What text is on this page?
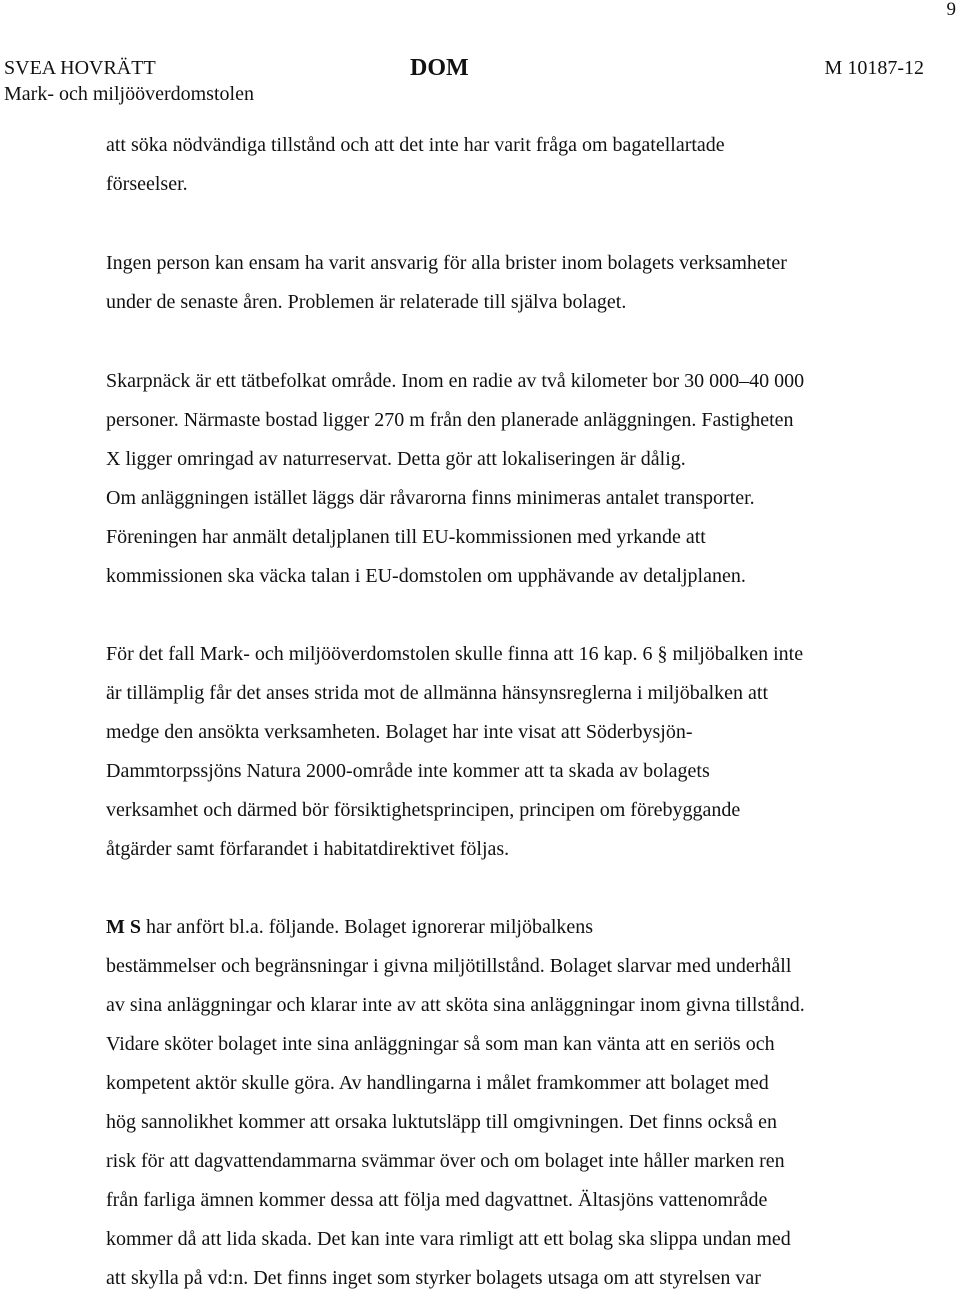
9
SVEA HOVRÄTT
Mark- och miljööverdomstolen
DOM	M 10187-12
att söka nödvändiga tillstånd och att det inte har varit fråga om bagatellartade
förseelser.
Ingen person kan ensam ha varit ansvarig för alla brister inom bolagets verksamheter
under de senaste åren. Problemen är relaterade till själva bolaget.
Skarpnäck är ett tätbefolkat område. Inom en radie av två kilometer bor 30 000–40 000
personer. Närmaste bostad ligger 270 m från den planerade anläggningen. Fastigheten
X ligger omringad av naturreservat. Detta gör att lokaliseringen är dålig.
Om anläggningen istället läggs där råvarorna finns minimeras antalet transporter.
Föreningen har anmält detaljplanen till EU-kommissionen med yrkande att
kommissionen ska väcka talan i EU-domstolen om upphävande av detaljplanen.
För det fall Mark- och miljööverdomstolen skulle finna att 16 kap. 6 § miljöbalken inte
är tillämplig får det anses strida mot de allmänna hänsynsreglerna i miljöbalken att
medge den ansökta verksamheten. Bolaget har inte visat att Söderbysjön-
Dammtorpssjöns Natura 2000-område inte kommer att ta skada av bolagets
verksamhet och därmed bör försiktighetsprincipen, principen om förebyggande
åtgärder samt förfarandet i habitatdirektivet följas.
M S har anfört bl.a. följande. Bolaget ignorerar miljöbalkens
bestämmelser och begränsningar i givna miljötillstånd. Bolaget slarvar med underhåll
av sina anläggningar och klarar inte av att sköta sina anläggningar inom givna tillstånd.
Vidare sköter bolaget inte sina anläggningar så som man kan vänta att en seriös och
kompetent aktör skulle göra. Av handlingarna i målet framkommer att bolaget med
hög sannolikhet kommer att orsaka luktutsläpp till omgivningen. Det finns också en
risk för att dagvattendammarna svämmar över och om bolaget inte håller marken ren
från farliga ämnen kommer dessa att följa med dagvattnet. Ältasjöns vattenområde
kommer då att lida skada. Det kan inte vara rimligt att ett bolag ska slippa undan med
att skylla på vd:n. Det finns inget som styrker bolagets utsaga om att styrelsen var
